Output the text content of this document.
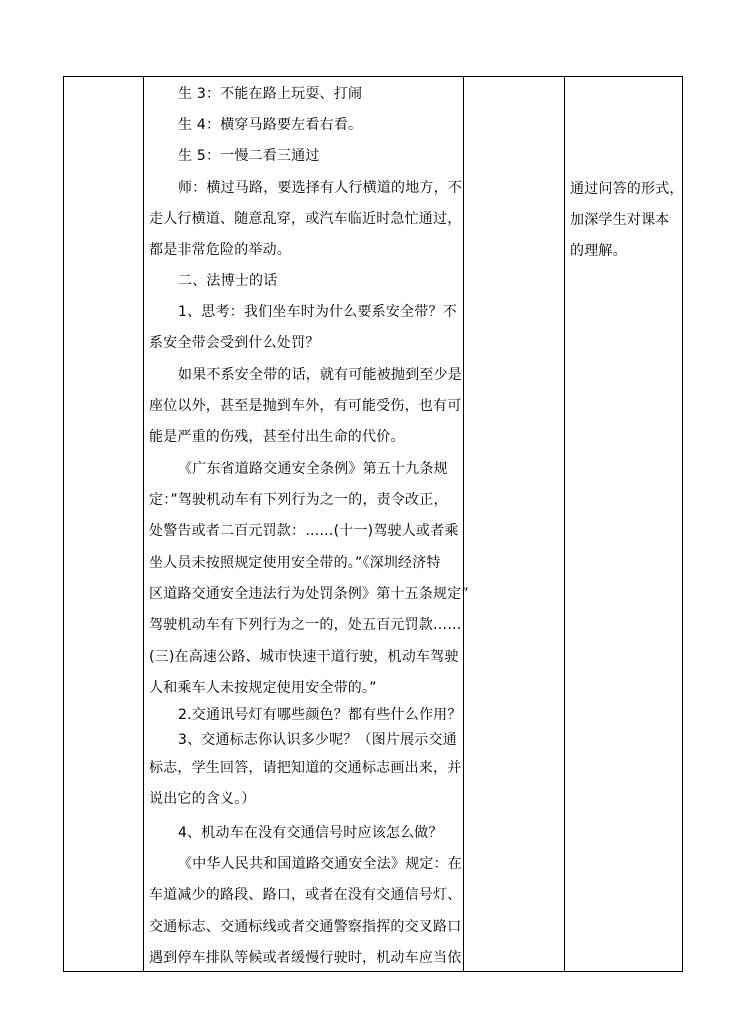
生 3：不能在路上玩耍、打闹
生 4：横穿马路要左看右看。
生 5：一慢二看三通过
师：横过马路，要选择有人行横道的地方，不
走人行横道、随意乱穿，或汽车临近时急忙通过，
都是非常危险的举动。
二、法博士的话
1、思考：我们坐车时为什么要系安全带？不
系安全带会受到什么处罚？
如果不系安全带的话，就有可能被抛到至少是
座位以外，甚至是抛到车外，有可能受伤，也有可
能是严重的伤残，甚至付出生命的代价。
《广东省道路交通安全条例》第五十九条规
定：”驾驶机动车有下列行为之一的，责令改正，
处警告或者二百元罚款：……(十一)驾驶人或者乘
坐人员未按照规定使用安全带的。”《深圳经济特
区道路交通安全违法行为处罚条例》第十五条规定”
驾驶机动车有下列行为之一的，处五百元罚款……
(三)在高速公路、城市快速干道行驶，机动车驾驶
人和乘车人未按规定使用安全带的。”
2.交通讯号灯有哪些颜色？都有些什么作用？
3、交通标志你认识多少呢？（图片展示交通
标志，学生回答，请把知道的交通标志画出来，并
说出它的含义。）
4、机动车在没有交通信号时应该怎么做？
《中华人民共和国道路交通安全法》规定：在
车道减少的路段、路口，或者在没有交通信号灯、
交通标志、交通标线或者交通警察指挥的交叉路口
遇到停车排队等候或者缓慢行驶时，机动车应当依
通过问答的形式，
加深学生对课本
的理解。
